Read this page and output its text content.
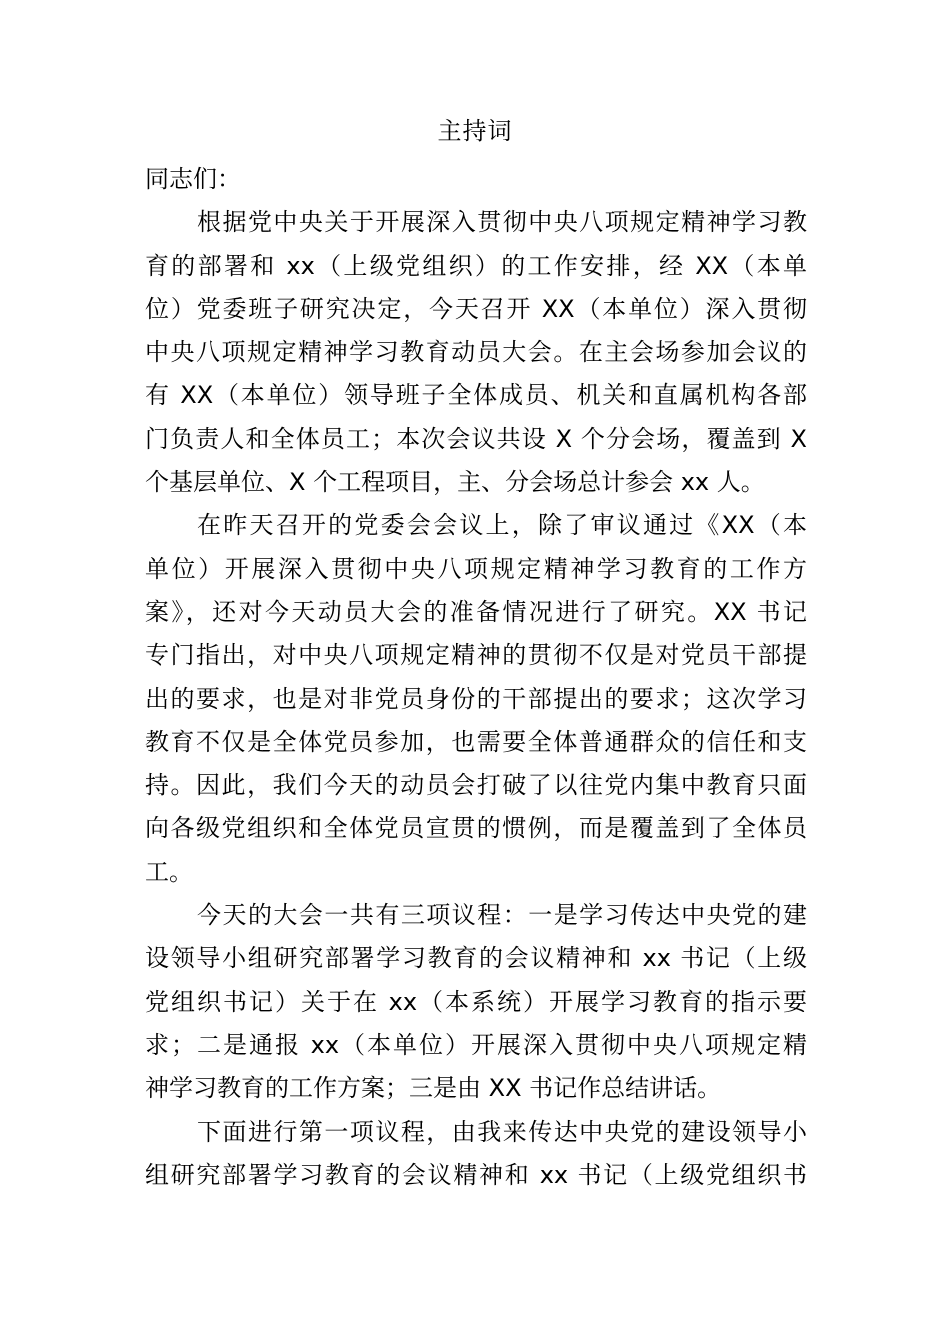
主持词
同志们：
根据党中央关于开展深入贯彻中央八项规定精神学习教
育的部署和 xx（上级党组织）的工作安排，经 XX（本单
位）党委班子研究决定，今天召开 XX（本单位）深入贯彻
中央八项规定精神学习教育动员大会。在主会场参加会议的
有 XX（本单位）领导班子全体成员、机关和直属机构各部
门负责人和全体员工；本次会议共设 X 个分会场，覆盖到 X
个基层单位、X 个工程项目，主、分会场总计参会 xx 人。
在昨天召开的党委会会议上，除了审议通过《XX（本
单位）开展深入贯彻中央八项规定精神学习教育的工作方
案》，还对今天动员大会的准备情况进行了研究。XX 书记
专门指出，对中央八项规定精神的贯彻不仅是对党员干部提
出的要求，也是对非党员身份的干部提出的要求；这次学习
教育不仅是全体党员参加，也需要全体普通群众的信任和支
持。因此，我们今天的动员会打破了以往党内集中教育只面
向各级党组织和全体党员宣贯的惯例，而是覆盖到了全体员
工。
今天的大会一共有三项议程：一是学习传达中央党的建
设领导小组研究部署学习教育的会议精神和 xx 书记（上级
党组织书记）关于在 xx（本系统）开展学习教育的指示要
求；二是通报 xx（本单位）开展深入贯彻中央八项规定精
神学习教育的工作方案；三是由 XX 书记作总结讲话。
下面进行第一项议程，由我来传达中央党的建设领导小
组研究部署学习教育的会议精神和 xx 书记（上级党组织书
